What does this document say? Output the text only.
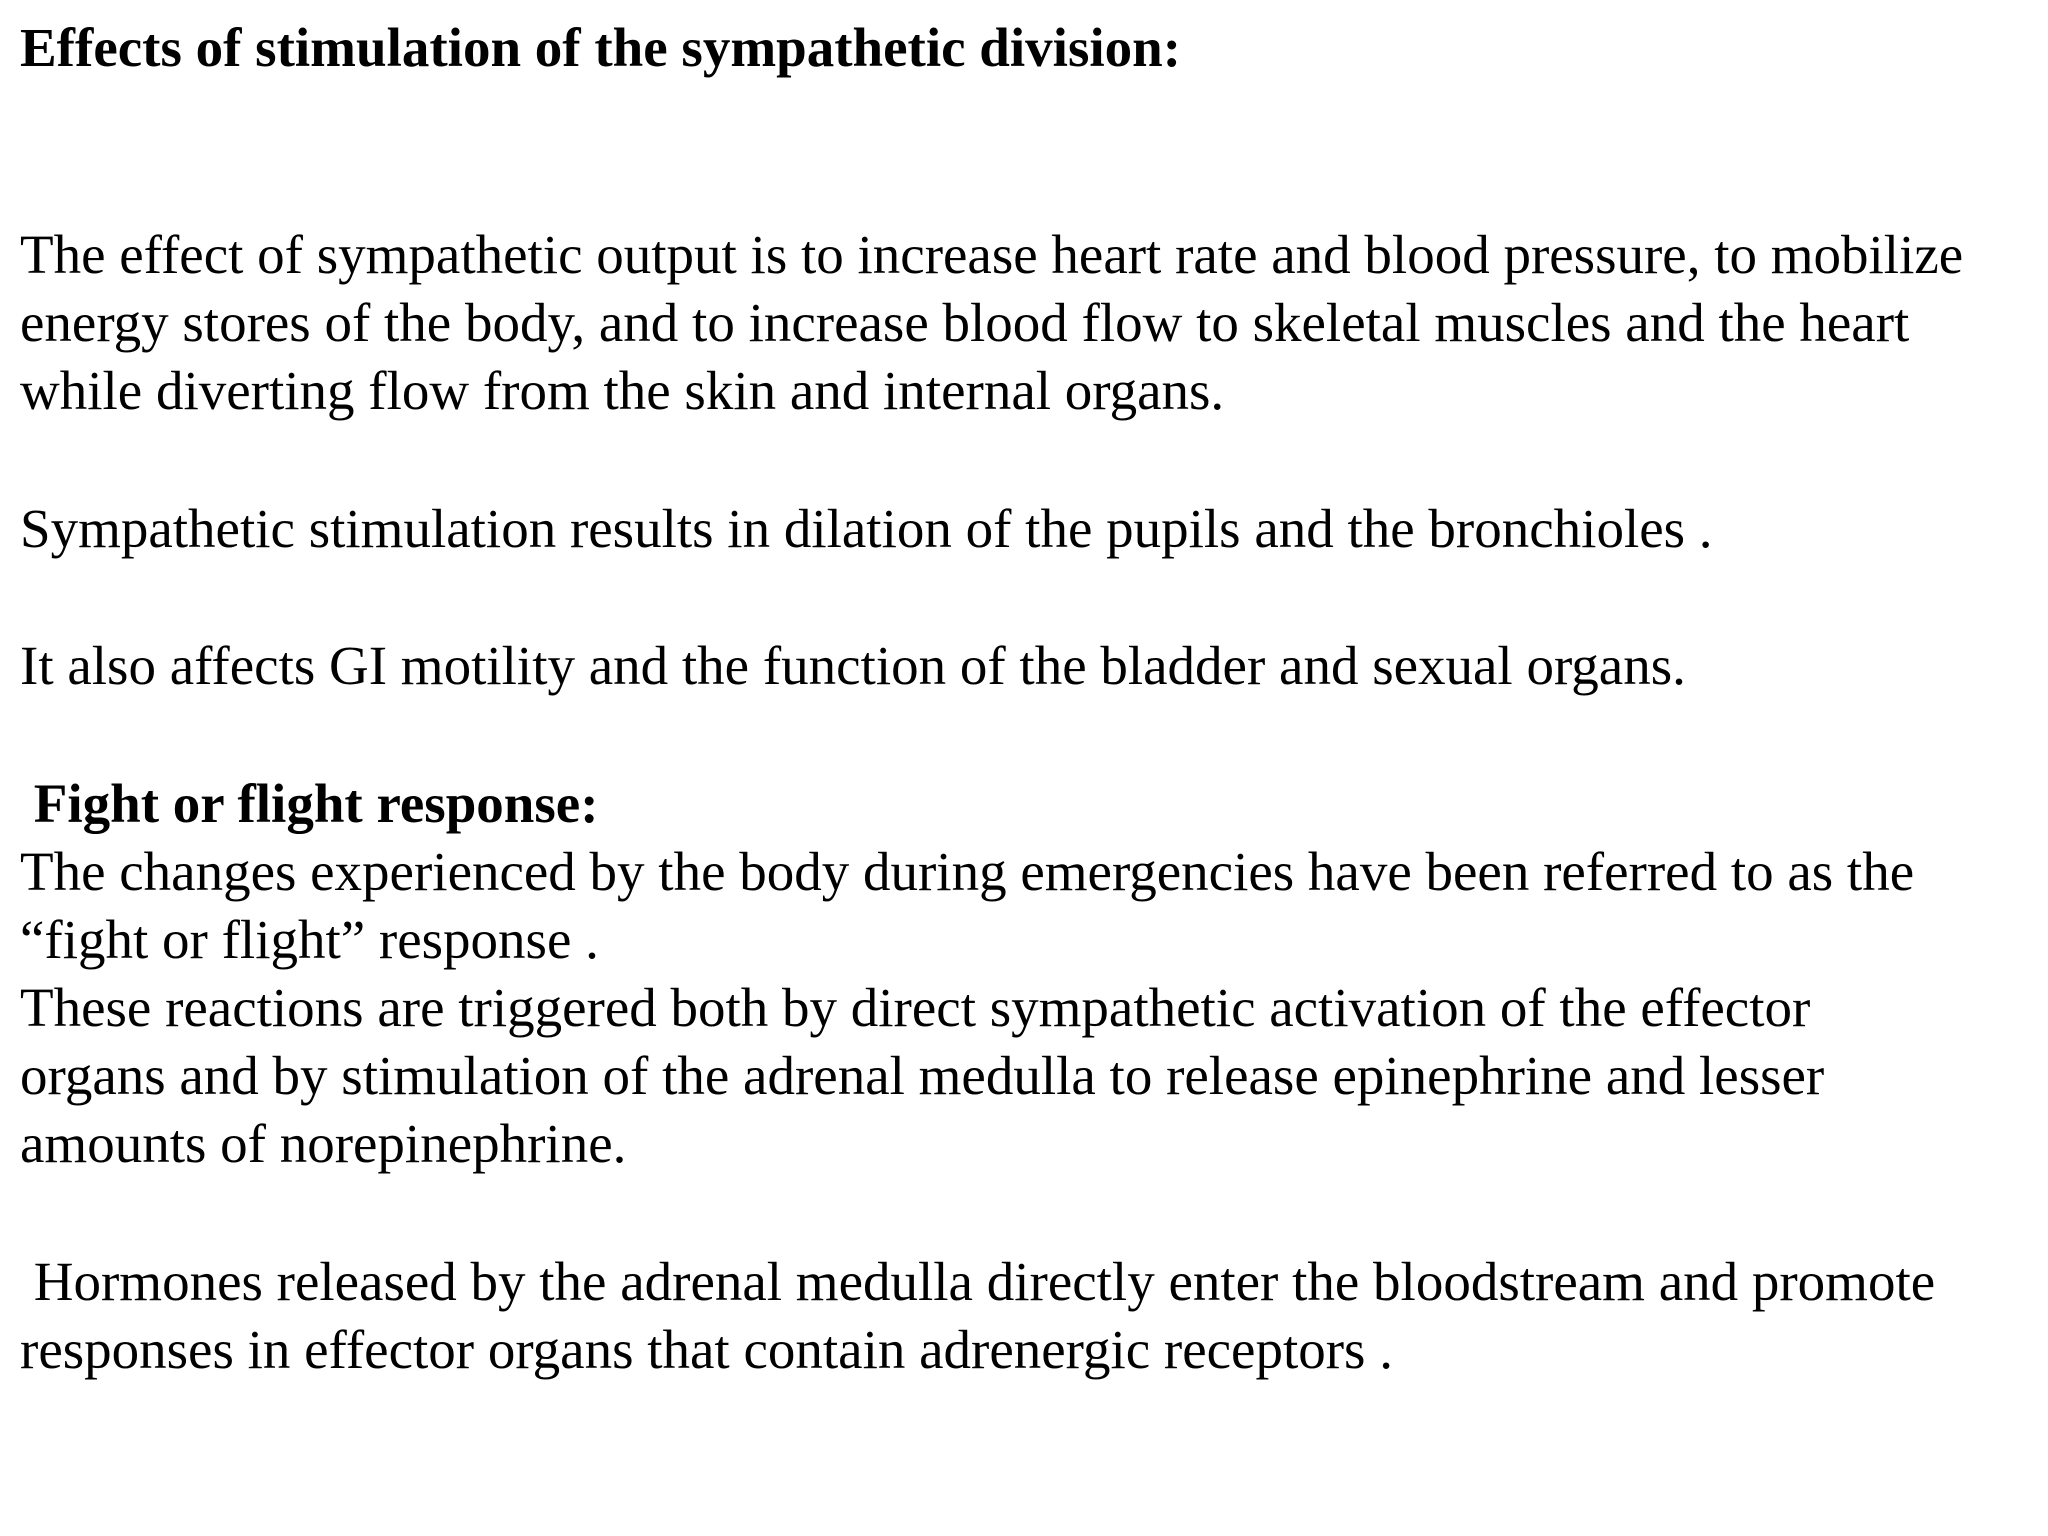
Effects of stimulation of the sympathetic division:
The effect of sympathetic output is to increase heart rate and blood pressure, to mobilize
energy stores of the body, and to increase blood flow to skeletal muscles and the heart
while diverting flow from the skin and internal organs.
Sympathetic stimulation results in dilation of the pupils and the bronchioles .
It also affects GI motility and the function of the bladder and sexual organs.
Fight or flight response:
The changes experienced by the body during emergencies have been referred to as the
“fight or flight” response .
These reactions are triggered both by direct sympathetic activation of the effector
organs and by stimulation of the adrenal medulla to release epinephrine and lesser
amounts of norepinephrine.
Hormones released by the adrenal medulla directly enter the bloodstream and promote
responses in effector organs that contain adrenergic receptors .
